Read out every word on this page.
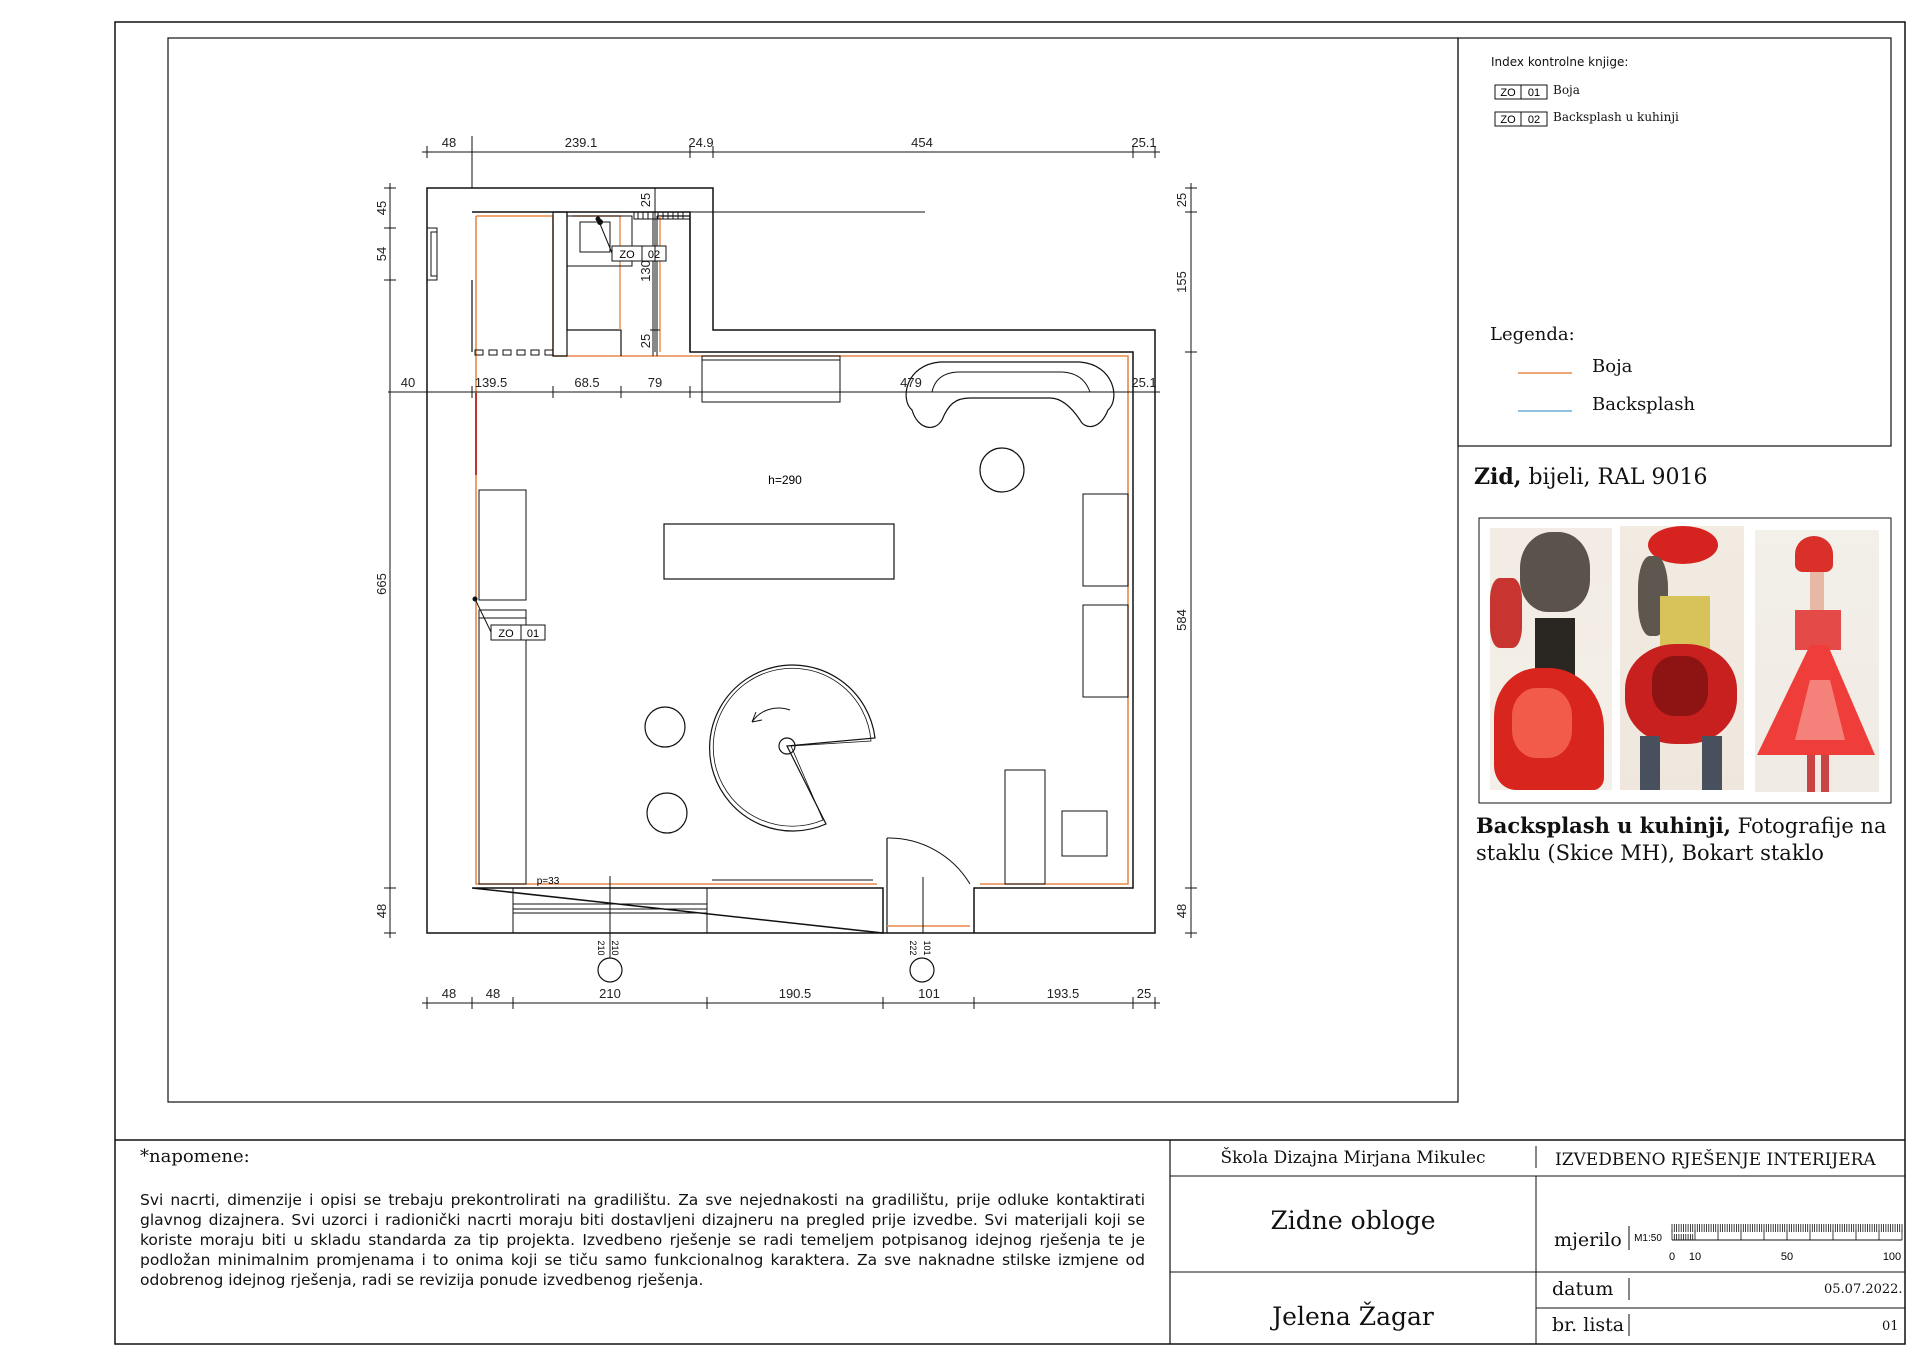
ZO 01
ZO 02
ZO 02
ZO 01
h=290
p=33
210 210	222 101
48	239.1	24.9	454	25.1
40	139.5	68.5	79	479	25.1
48 48	210	190.5	101	193.5	25
45
54
665
48
25
155
584
48
25
130
25
M1:50
0 10	50	100
Index kontrolne knjige:
Boja
Backsplash u kuhinji
Legenda:
Boja
Backsplash
Zid, bijeli, RAL 9016
Backsplash u kuhinji, Fotografije na staklu (Skice MH), Bokart staklo
*napomene:
Svi nacrti, dimenzije i opisi se trebaju prekontrolirati na gradilištu. Za sve nejednakosti na gradilištu, prije odluke kontaktirati glavnog dizajnera. Svi uzorci i radionički nacrti moraju biti dostavljeni dizajneru na pregled prije izvedbe. Svi materijali koji se koriste moraju biti u skladu standarda za tip projekta. Izvedbeno rješenje se radi temeljem potpisanog idejnog rješenja te je podložan minimalnim promjenama i to onima koji se tiču samo funkcionalnog karaktera. Za sve naknadne stilske izmjene od odobrenog idejnog rješenja, radi se revizija ponude izvedbenog rješenja.
Škola Dizajna Mirjana Mikulec	IZVEDBENO RJEŠENJE INTERIJERA
Zidne obloge
Jelena Žagar
mjerilo
datum	05.07.2022.
br. lista	01
